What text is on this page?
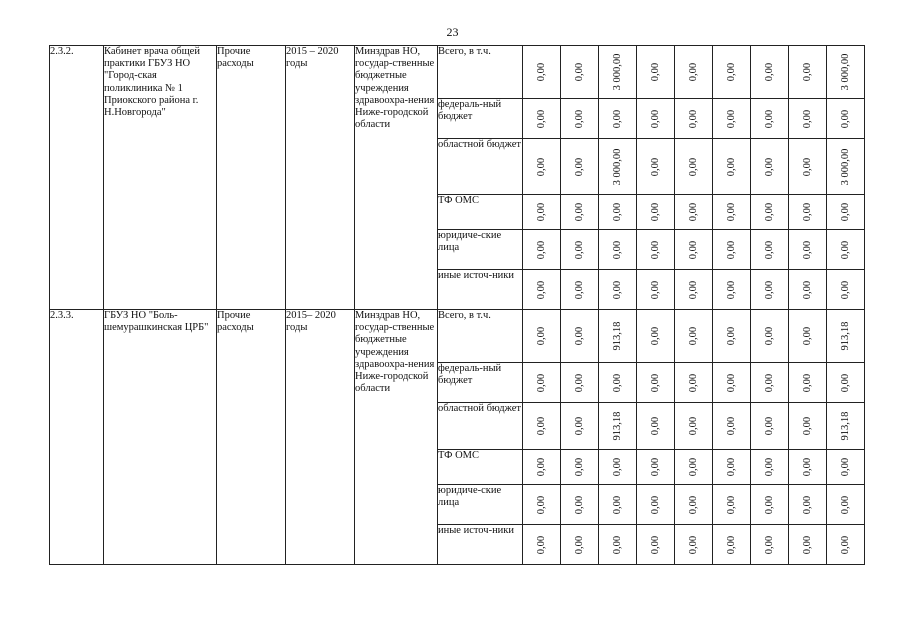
23
2.3.2.	Кабинет врача общей практики ГБУЗ НО "Город-ская поликлиника № 1 Приокского района г. Н.Новгорода"	Прочие расходы	2015 – 2020 годы	Минздрав НО, государ-ственные бюджетные учреждения здравоохра-нения Ниже-городской области	Всего, в т.ч.	0,00	0,00	3 000,00	0,00	0,00	0,00	0,00	0,00	3 000,00

					федераль-ный бюджет	0,00	0,00	0,00	0,00	0,00	0,00	0,00	0,00	0,00

					областной бюджет	0,00	0,00	3 000,00	0,00	0,00	0,00	0,00	0,00	3 000,00

					ТФ ОМС	0,00	0,00	0,00	0,00	0,00	0,00	0,00	0,00	0,00

					юридиче-ские лица	0,00	0,00	0,00	0,00	0,00	0,00	0,00	0,00	0,00

					иные источ-ники	0,00	0,00	0,00	0,00	0,00	0,00	0,00	0,00	0,00

2.3.3.	ГБУЗ НО "Боль-шемурашкинская ЦРБ"	Прочие расходы	2015– 2020 годы	Минздрав НО, государ-ственные бюджетные учреждения здравоохра-нения Ниже-городской области	Всего, в т.ч.	0,00	0,00	913,18	0,00	0,00	0,00	0,00	0,00	913,18

					федераль-ный бюджет	0,00	0,00	0,00	0,00	0,00	0,00	0,00	0,00	0,00

					областной бюджет	0,00	0,00	913,18	0,00	0,00	0,00	0,00	0,00	913,18

					ТФ ОМС	0,00	0,00	0,00	0,00	0,00	0,00	0,00	0,00	0,00

					юридиче-ские лица	0,00	0,00	0,00	0,00	0,00	0,00	0,00	0,00	0,00

					иные источ-ники	0,00	0,00	0,00	0,00	0,00	0,00	0,00	0,00	0,00
